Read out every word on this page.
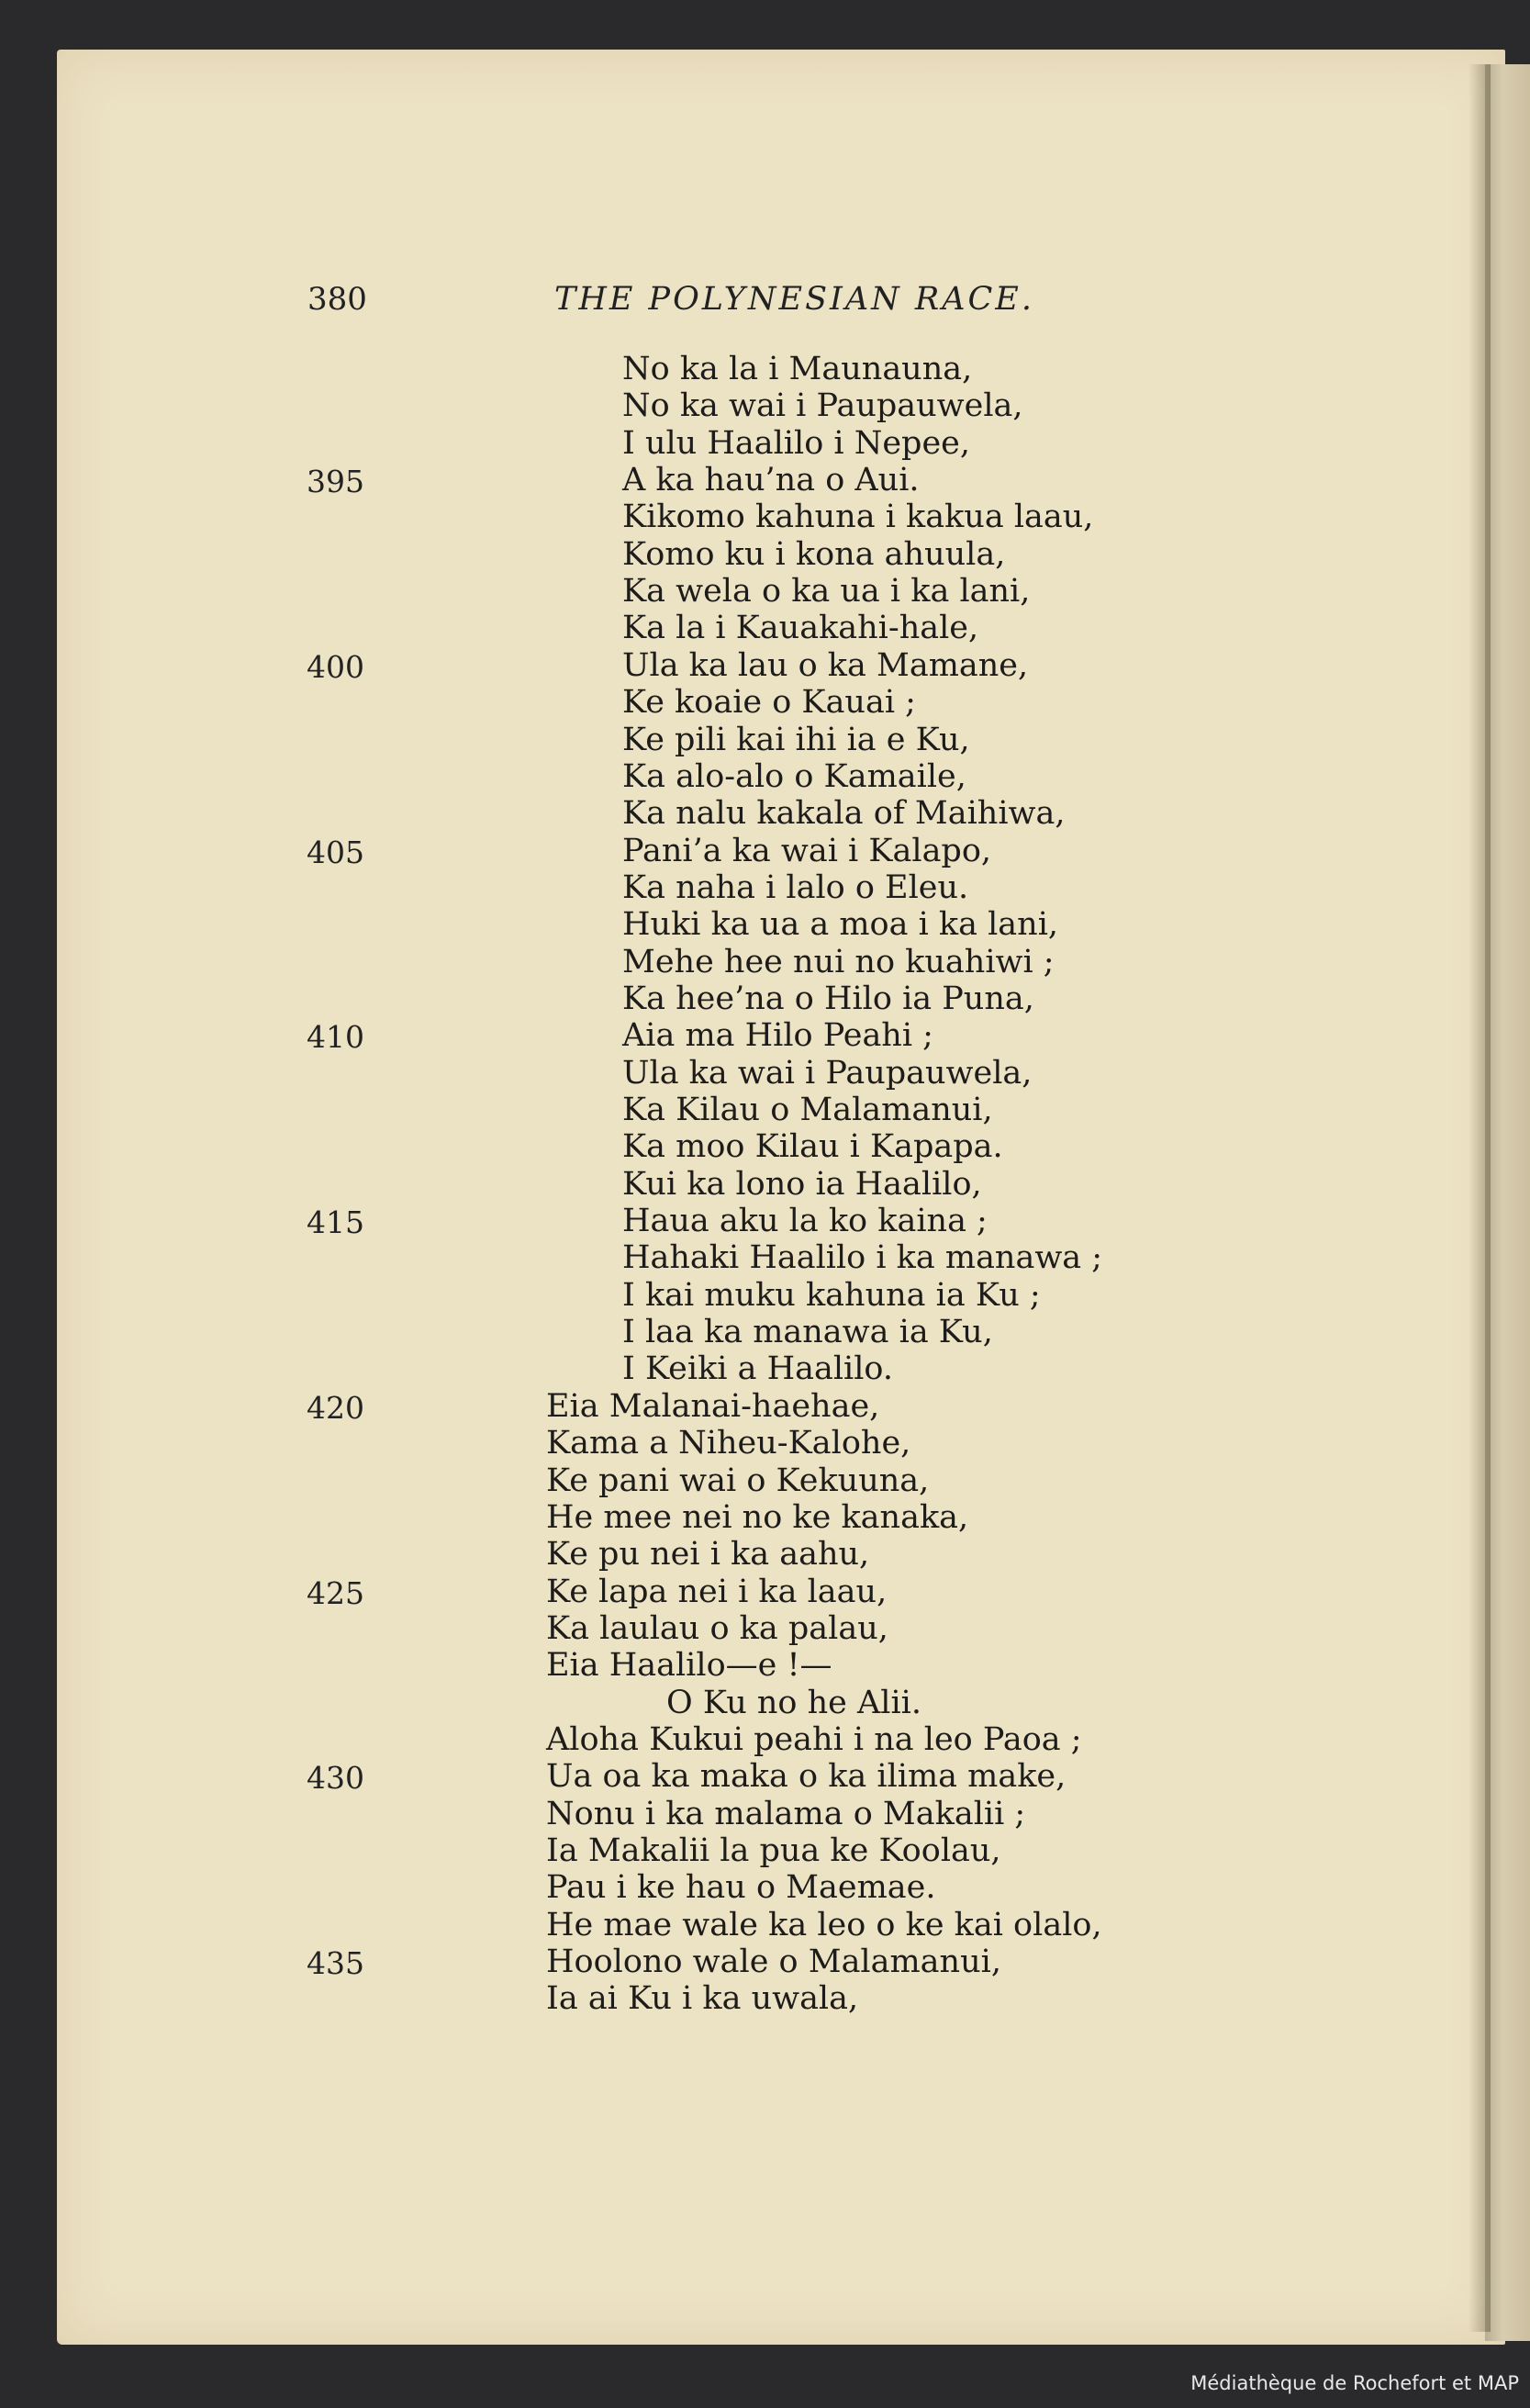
380	THE POLYNESIAN RACE.
No ka la i Maunauna,
No ka wai i Paupauwela,
I ulu Haalilo i Nepee,
A ka hau’na o Aui.
Kikomo kahuna i kakua laau,
Komo ku i kona ahuula,
Ka wela o ka ua i ka lani,
Ka la i Kauakahi-hale,
Ula ka lau o ka Mamane,
Ke koaie o Kauai ;
Ke pili kai ihi ia e Ku,
Ka alo-alo o Kamaile,
Ka nalu kakala of Maihiwa,
Pani’a ka wai i Kalapo,
Ka naha i lalo o Eleu.
Huki ka ua a moa i ka lani,
Mehe hee nui no kuahiwi ;
Ka hee’na o Hilo ia Puna,
Aia ma Hilo Peahi ;
Ula ka wai i Paupauwela,
Ka Kilau o Malamanui,
Ka moo Kilau i Kapapa.
Kui ka lono ia Haalilo,
Haua aku la ko kaina ;
Hahaki Haalilo i ka manawa ;
I kai muku kahuna ia Ku ;
I laa ka manawa ia Ku,
I Keiki a Haalilo.
Eia Malanai-haehae,
Kama a Niheu-Kalohe,
Ke pani wai o Kekuuna,
He mee nei no ke kanaka,
Ke pu nei i ka aahu,
Ke lapa nei i ka laau,
Ka laulau o ka palau,
Eia Haalilo—e !—
O Ku no he Alii.
Aloha Kukui peahi i na leo Paoa ;
Ua oa ka maka o ka ilima make,
Nonu i ka malama o Makalii ;
Ia Makalii la pua ke Koolau,
Pau i ke hau o Maemae.
He mae wale ka leo o ke kai olalo,
Hoolono wale o Malamanui,
Ia ai Ku i ka uwala,
395
400
405
410
415
420
425
430
435
Médiathèque de Rochefort et MAP
